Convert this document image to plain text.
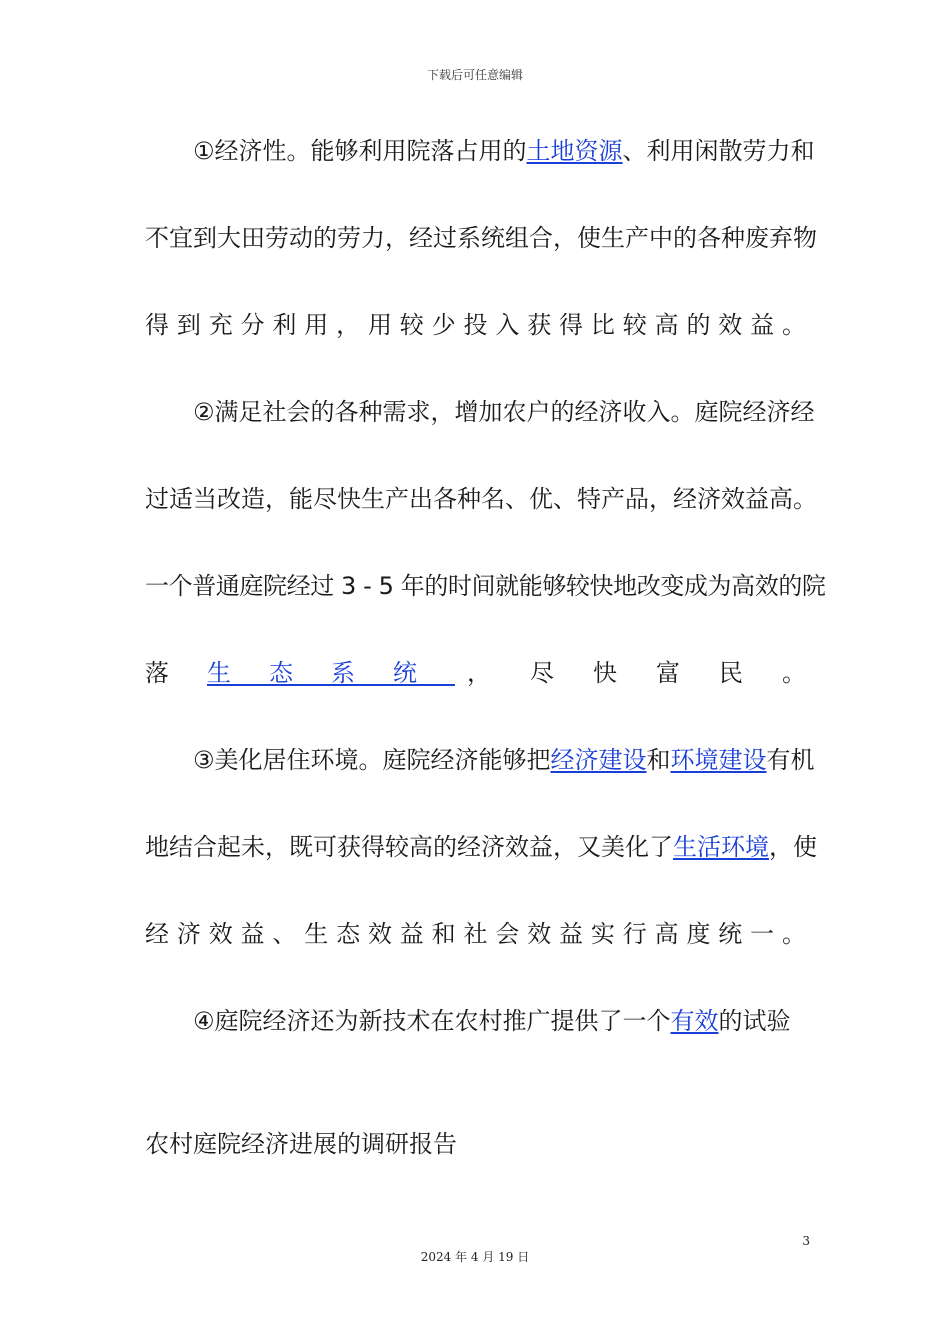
下载后可任意编辑
①经济性。能够利用院落占用的土地资源、利用闲散劳力和
不宜到大田劳动的劳力，经过系统组合，使生产中的各种废弃物
得到充分利用，用较少投入获得比较高的效益。
②满足社会的各种需求，增加农户的经济收入。庭院经济经
过适当改造，能尽快生产出各种名、优、特产品，经济效益高。
一个普通庭院经过 3 - 5 年的时间就能够较快地改变成为高效的院
落 生态系统 ，尽快富民。
③美化居住环境。庭院经济能够把经济建设和环境建设有机
地结合起未，既可获得较高的经济效益，又美化了生活环境，使
经济效益、生态效益和社会效益实行高度统一。
④庭院经济还为新技术在农村推广提供了一个有效的试验
农村庭院经济进展的调研报告
3
2024 年 4 月 19 日
